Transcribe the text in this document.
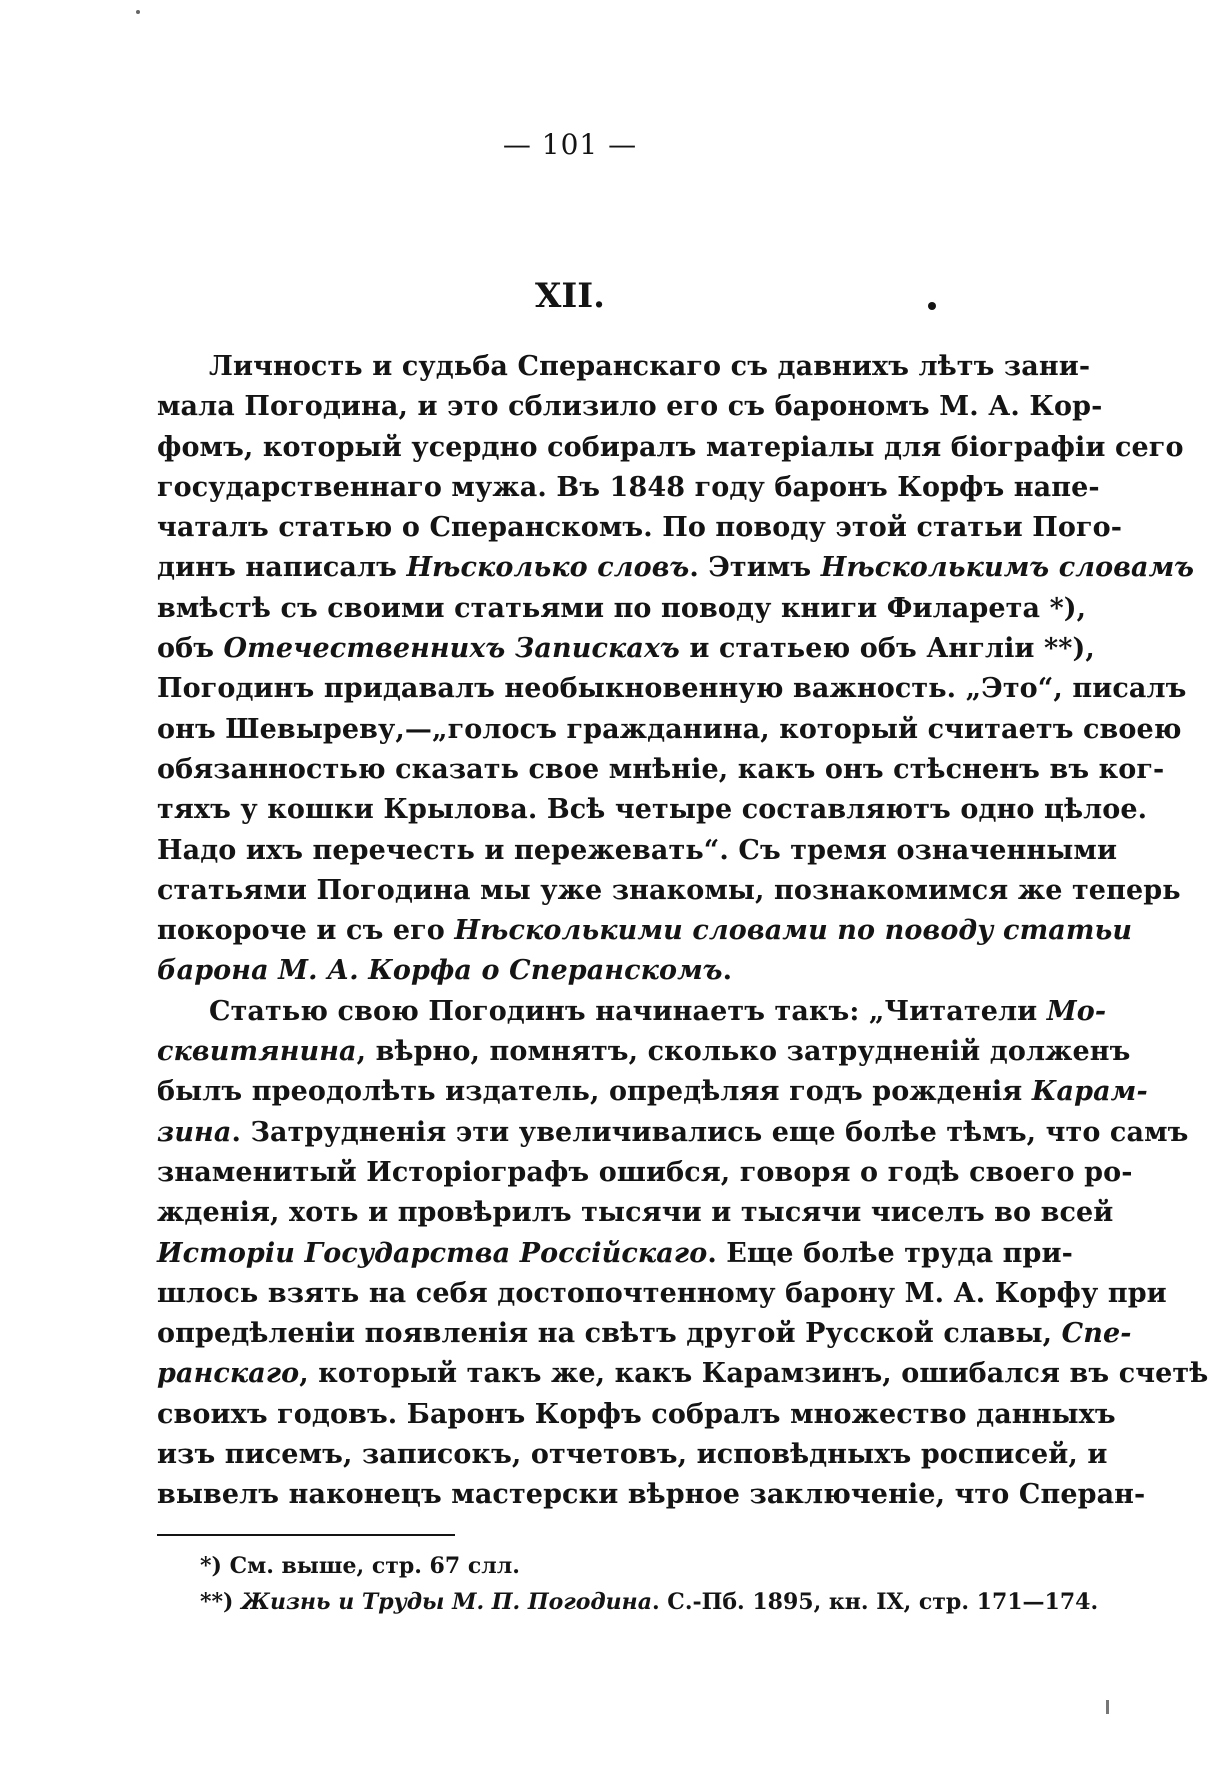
— 101 —
XII.
Личность и судьба Сперанскаго съ давнихъ лѣтъ зани-
мала Погодина, и это сблизило его съ барономъ М. А. Кор-
фомъ, который усердно собиралъ матеріалы для біографіи сего
государственнаго мужа. Въ 1848 году баронъ Корфъ напе-
чаталъ статью о Сперанскомъ. По поводу этой статьи Пого-
динъ написалъ Нѣсколько словъ. Этимъ Нѣсколькимъ словамъ
вмѣстѣ съ своими статьями по поводу книги Филарета *),
объ Отечественнихъ Запискахъ и статьею объ Англіи **),
Погодинъ придавалъ необыкновенную важность. „Это“, писалъ
онъ Шевыреву,—„голосъ гражданина, который считаетъ своею
обязанностью сказать свое мнѣніе, какъ онъ стѣсненъ въ ког-
тяхъ у кошки Крылова. Всѣ четыре составляютъ одно цѣлое.
Надо ихъ перечесть и пережевать“. Съ тремя означенными
статьями Погодина мы уже знакомы, познакомимся же теперь
покороче и съ его Нѣсколькими словами по поводу статьи
барона М. А. Корфа о Сперанскомъ.
Статью свою Погодинъ начинаетъ такъ: „Читатели Мо-
сквитянина, вѣрно, помнятъ, сколько затрудненій долженъ
былъ преодолѣть издатель, опредѣляя годъ рожденія Карам-
зина. Затрудненія эти увеличивались еще болѣе тѣмъ, что самъ
знаменитый Исторіографъ ошибся, говоря о годѣ своего ро-
жденія, хоть и провѣрилъ тысячи и тысячи чиселъ во всей
Исторіи Государства Россійскаго. Еще болѣе труда при-
шлось взять на себя достопочтенному барону М. А. Корфу при
опредѣленіи появленія на свѣтъ другой Русской славы, Спе-
ранскаго, который такъ же, какъ Карамзинъ, ошибался въ счетѣ
своихъ годовъ. Баронъ Корфъ собралъ множество данныхъ
изъ писемъ, записокъ, отчетовъ, исповѣдныхъ росписей, и
вывелъ наконецъ мастерски вѣрное заключеніе, что Сперан-
*) См. выше, стр. 67 слл.
**) Жизнь и Труды М. П. Погодина. С.-Пб. 1895, кн. IX, стр. 171—174.
